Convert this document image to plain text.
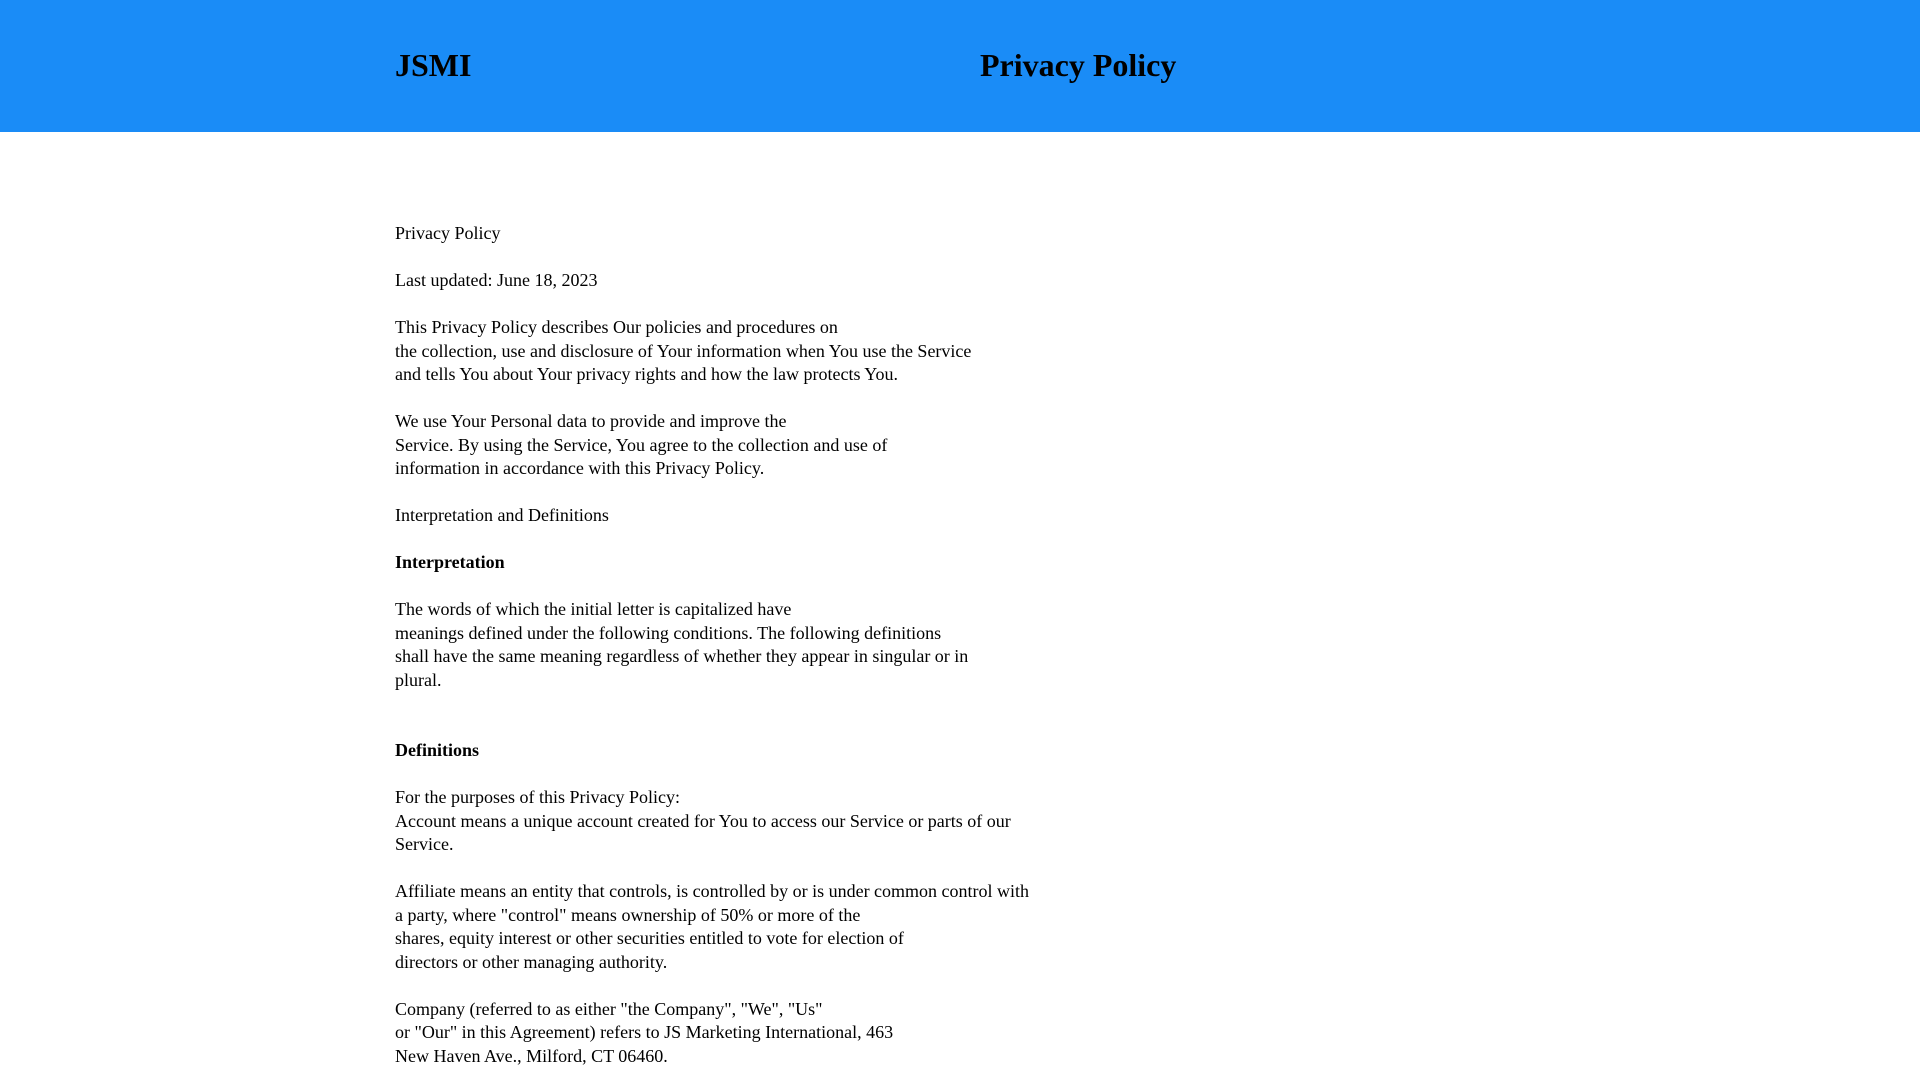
JSMI	Privacy Policy
Privacy Policy
Last updated: June 18, 2023
This Privacy Policy describes Our policies and procedures on
the collection, use and disclosure of Your information when You use the Service
and tells You about Your privacy rights and how the law protects You.
We use Your Personal data to provide and improve the
Service. By using the Service, You agree to the collection and use of
information in accordance with this Privacy Policy.
Interpretation and Definitions
Interpretation
The words of which the initial letter is capitalized have
meanings defined under the following conditions. The following definitions
shall have the same meaning regardless of whether they appear in singular or in
plural.
Definitions
For the purposes of this Privacy Policy:
Account means a unique account created for You to access our Service or parts of our
Service.
Affiliate means an entity that controls, is controlled by or is under common control with
a party, where "control" means ownership of 50% or more of the
shares, equity interest or other securities entitled to vote for election of
directors or other managing authority.
Company (referred to as either "the Company", "We", "Us"
or "Our" in this Agreement) refers to JS Marketing International, 463
New Haven Ave., Milford, CT 06460.
